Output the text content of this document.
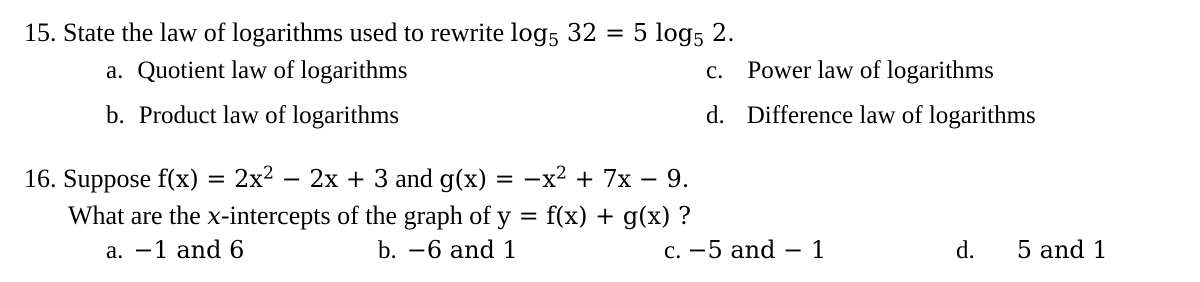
15. State the law of logarithms used to rewrite $\log_5 32 = 5$ $\log_5 2$.
a. Quotient law of logarithms	c. Power law of logarithms
b. Product law of logarithms	d. Difference law of logarithms
16. Suppose $f(x) = 2x^2 - 2x + 3$ and $g(x) = -x^2 + 7x - 9$.
What are the x-intercepts of the graph of y = f(x) + g(x) ?
a. −1 and 6	b. −6 and 1	c. −5 and − 1	d. 5 and 1
